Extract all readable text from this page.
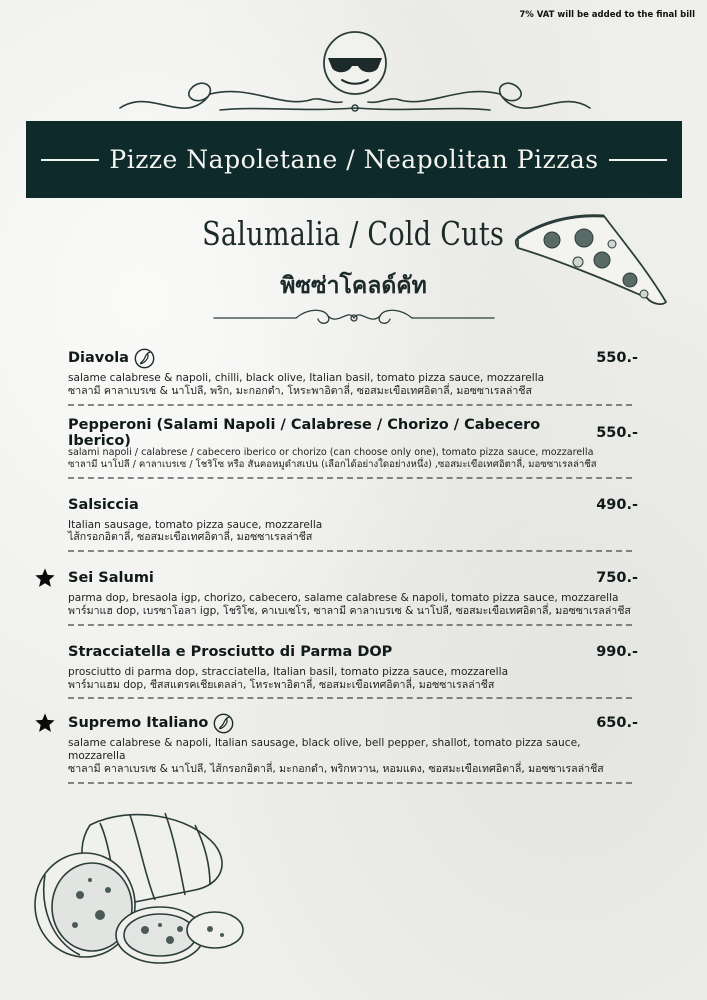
7% VAT will be added to the final bill
Pizze Napoletane / Neapolitan Pizzas
Salumalia / Cold Cuts
พิซซ่าโคลด์คัท
Diavola	550.-
salame calabrese & napoli, chilli, black olive, Italian basil, tomato pizza sauce, mozzarella
ซาลามี คาลาเบรเซ & นาโปลี, พริก, มะกอกดำ, โหระพาอิตาลี่, ซอสมะเขือเทศอิตาลี่, มอซซาเรลล่าชีส
Pepperoni (Salami Napoli / Calabrese / Chorizo / Cabecero Iberico)	550.-
salami napoli / calabrese / cabecero iberico or chorizo (can choose only one), tomato pizza sauce, mozzarella
ซาลามี นาโปลี / คาลาเบรเซ / โชริโซ หรือ สันคอหมูดำสเปน (เลือกได้อย่างใดอย่างหนึ่ง) ,ซอสมะเขือเทศอิตาลี่, มอซซาเรลล่าชีส
Salsiccia	490.-
Italian sausage, tomato pizza sauce, mozzarella
ไส้กรอกอิตาลี่, ซอสมะเขือเทศอิตาลี่, มอซซาเรลล่าชีส
Sei Salumi	750.-
parma dop, bresaola igp, chorizo, cabecero, salame calabrese & napoli, tomato pizza sauce, mozzarella
พาร์มาแฮ dop, เบรซาโอลา igp, โชริโซ, คาเบเซโร, ซาลามี คาลาเบรเซ & นาโปลี, ซอสมะเขือเทศอิตาลี่, มอซซาเรลล่าชีส
Stracciatella e Prosciutto di Parma DOP	990.-
prosciutto di parma dop, stracciatella, Italian basil, tomato pizza sauce, mozzarella
พาร์มาแฮม dop, ชีสสแตรคเชียเตลล่า, โหระพาอิตาลี่, ซอสมะเขือเทศอิตาลี่, มอซซาเรลล่าชีส
Supremo Italiano	650.-
salame calabrese & napoli, Italian sausage, black olive, bell pepper, shallot, tomato pizza sauce, mozzarella
ซาลามี คาลาเบรเซ & นาโปลี, ไส้กรอกอิตาลี่, มะกอกดำ, พริกหวาน, หอมแดง, ซอสมะเขือเทศอิตาลี่, มอซซาเรลล่าชีส
